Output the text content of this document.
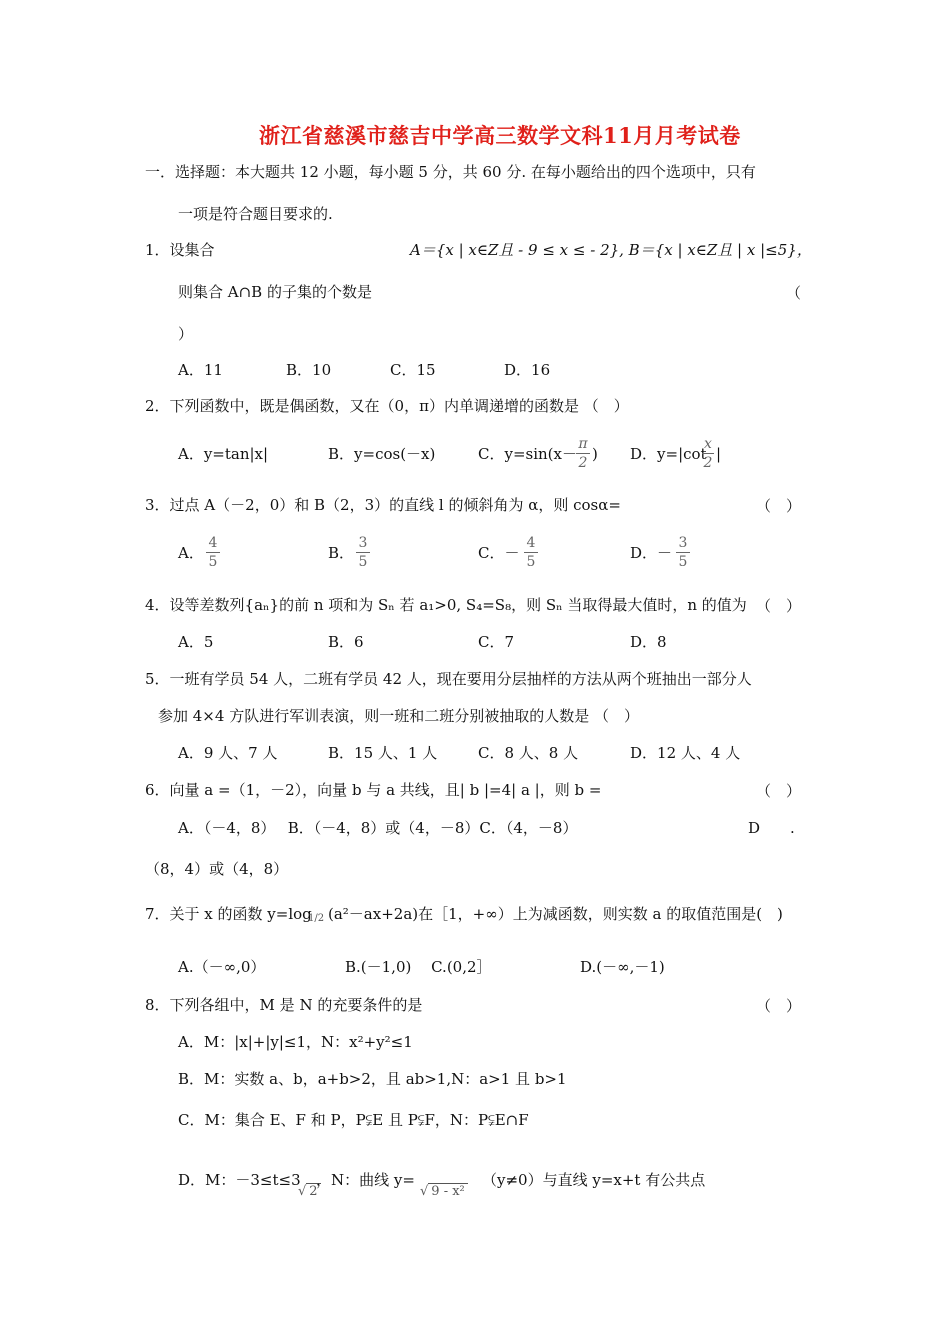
浙江省慈溪市慈吉中学高三数学文科11月月考试卷
一．选择题：本大题共 12 小题，每小题 5 分，共 60 分. 在每小题给出的四个选项中，只有
一项是符合题目要求的.
1．设集合	A＝{x | x∈Z且 - 9 ≤ x ≤ - 2}, B＝{x | x∈Z且 | x |≤5}，
则集合 A∩B 的子集的个数是	（
）
A．11	B．10	C．15	D．16
2．下列函数中，既是偶函数，又在（0，π）内单调递增的函数是 （　）
A．y=tan|x|	B．y=cos(－x)	C．y=sin(x－
π
2 ) D．y=|cot
x
2 |
3．过点 A（－2，0）和 B（2，3）的直线 l 的倾斜角为 α，则 cosα=	（　）
A．
4
5	B．
3
5	C．－
4
5	D．－
3
5
4．设等差数列{aₙ}的前 n 项和为 Sₙ 若 a₁>0, S₄=S₈，则 Sₙ 当取得最大值时，n 的值为 （　）
A．5	B．6	C．7	D．8
5．一班有学员 54 人，二班有学员 42 人，现在要用分层抽样的方法从两个班抽出一部分人
参加 4×4 方队进行军训表演，则一班和二班分别被抽取的人数是 （　）
A．9 人、7 人	B．15 人、1 人	C．8 人、8 人	D．12 人、4 人
6．向量 a =（1，－2），向量 b 与 a 共线，且| b |=4| a |，则 b =	（　）
A．（－4，8）　 B．（－4，8）或（4，－8）C．（4，－8）	D　　.
（8，4）或（4，8）
7．关于 x 的函数 y=log
1/2 (a²－ax+2a)在［1，+∞）上为减函数，则实数 a 的取值范围是(　)
A.（－∞,0）	B.(－1,0)　 C.(0,2］	D.(－∞,－1)
8．下列各组中，M 是 N 的充要条件的是	（　）
A．M：|x|+|y|≤1，N：x²+y²≤1
B．M：实数 a、b，a+b>2，且 ab>1,N：a>1 且 b>1
C．M：集合 E、F 和 P，P⫋E 且 P⫋F，N：P⫋E∩F
D．M：－3≤t≤3
√ 2
，N：曲线 y=
√ 9 - x²
（y≠0）与直线 y=x+t 有公共点
